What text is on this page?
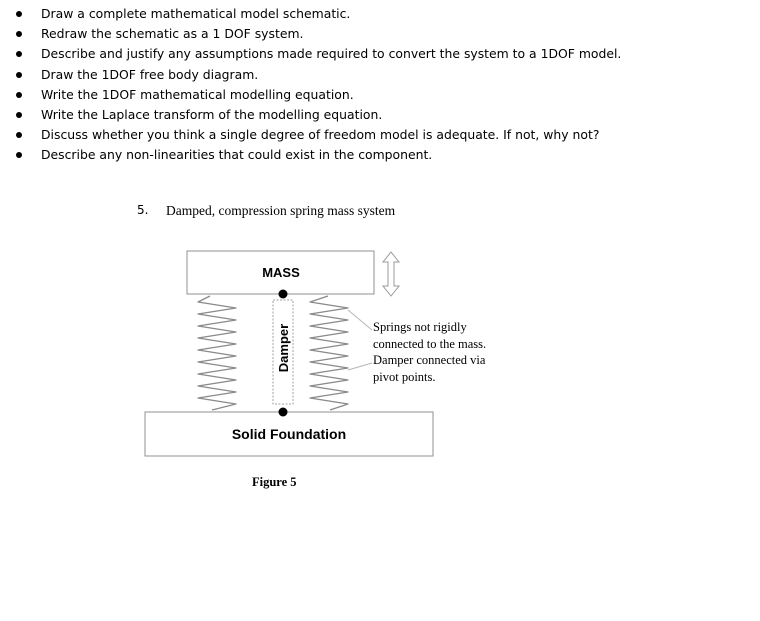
Draw a complete mathematical model schematic.
Redraw the schematic as a 1 DOF system.
Describe and justify any assumptions made required to convert the system to a 1DOF model.
Draw the 1DOF free body diagram.
Write the 1DOF mathematical modelling equation.
Write the Laplace transform of the modelling equation.
Discuss whether you think a single degree of freedom model is adequate. If not, why not?
Describe any non-linearities that could exist in the component.
5. Damped, compression spring mass system
Solid Foundation
MASS
Damper	Springs not rigidly
connected to the mass.
Damper connected via
pivot points.

Figure 5
